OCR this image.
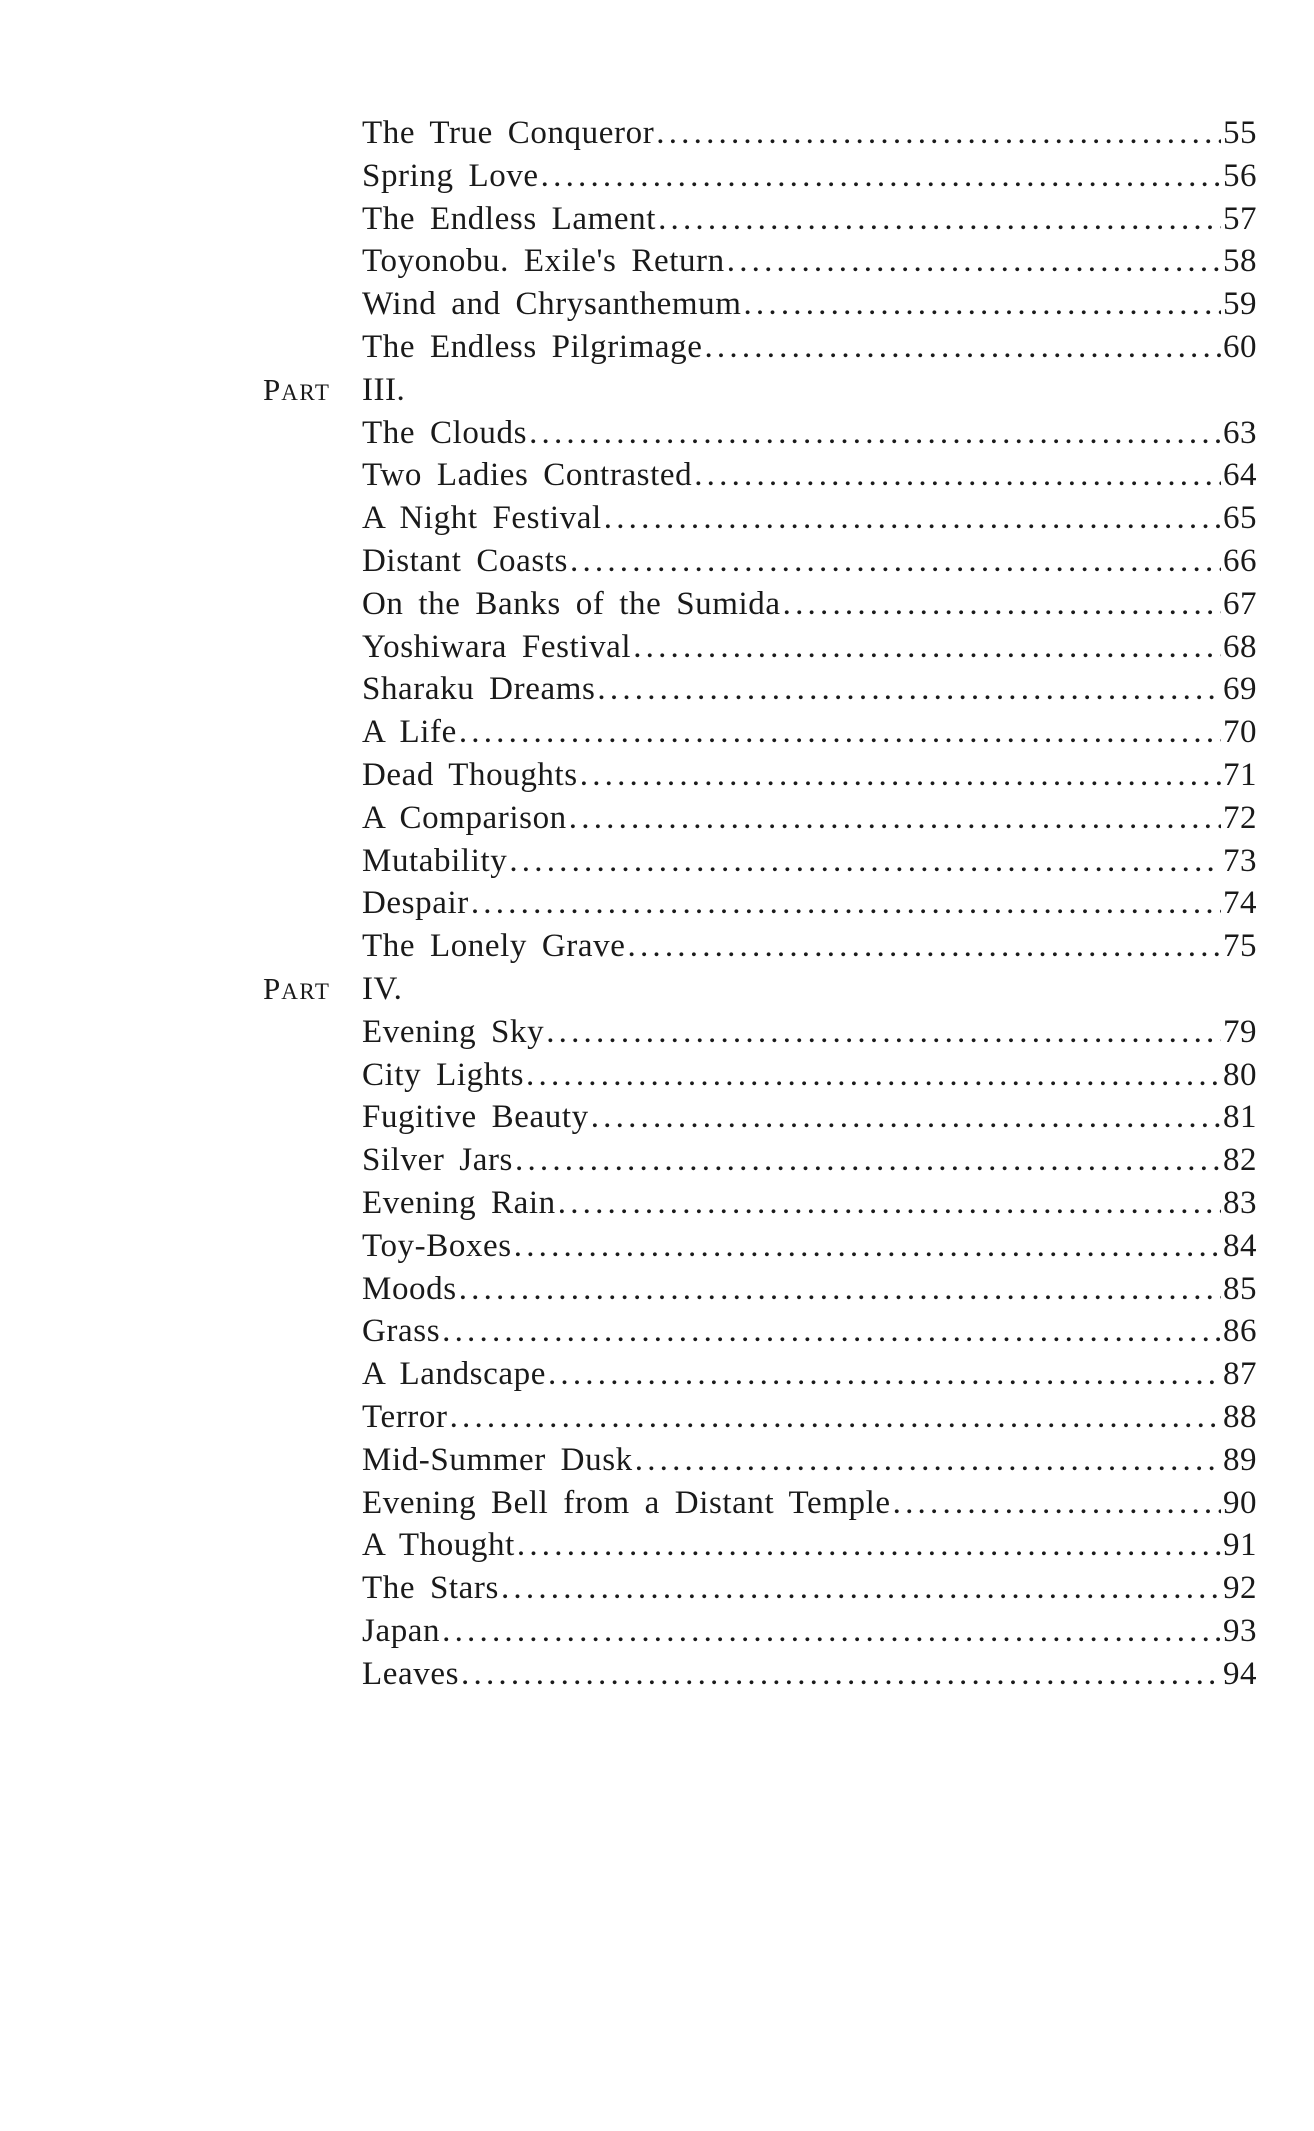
The True Conqueror .....	55
Spring Love .....	56
The Endless Lament .....	57
Toyonobu. Exile's Return .....	58
Wind and Chrysanthemum .....	59
The Endless Pilgrimage .....	60
PART III.
The Clouds .....	63
Two Ladies Contrasted .....	64
A Night Festival .....	65
Distant Coasts .....	66
On the Banks of the Sumida .....	67
Yoshiwara Festival .....	68
Sharaku Dreams .....	69
A Life .....	70
Dead Thoughts .....	71
A Comparison .....	72
Mutability .....	73
Despair .....	74
The Lonely Grave .....	75
PART IV.
Evening Sky .....	79
City Lights .....	80
Fugitive Beauty .....	81
Silver Jars .....	82
Evening Rain .....	83
Toy-Boxes .....	84
Moods .....	85
Grass .....	86
A Landscape .....	87
Terror .....	88
Mid-Summer Dusk .....	89
Evening Bell from a Distant Temple .....	90
A Thought .....	91
The Stars .....	92
Japan .....	93
Leaves .....	94
